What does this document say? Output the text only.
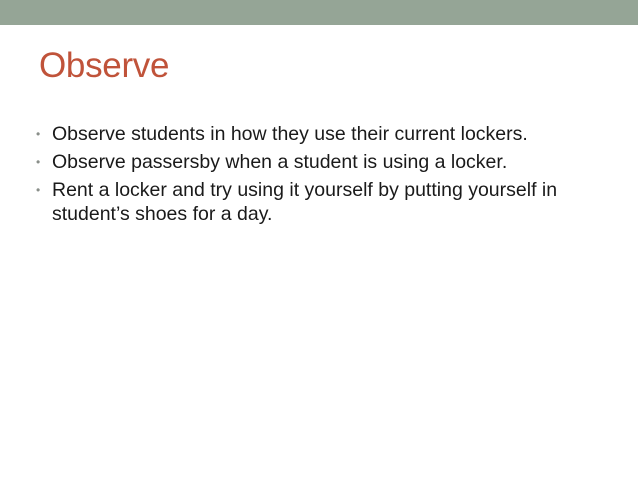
Observe
• Observe students in how they use their current lockers.
• Observe passersby when a student is using a locker.
• Rent a locker and try using it yourself by putting yourself in student’s shoes for a day.
